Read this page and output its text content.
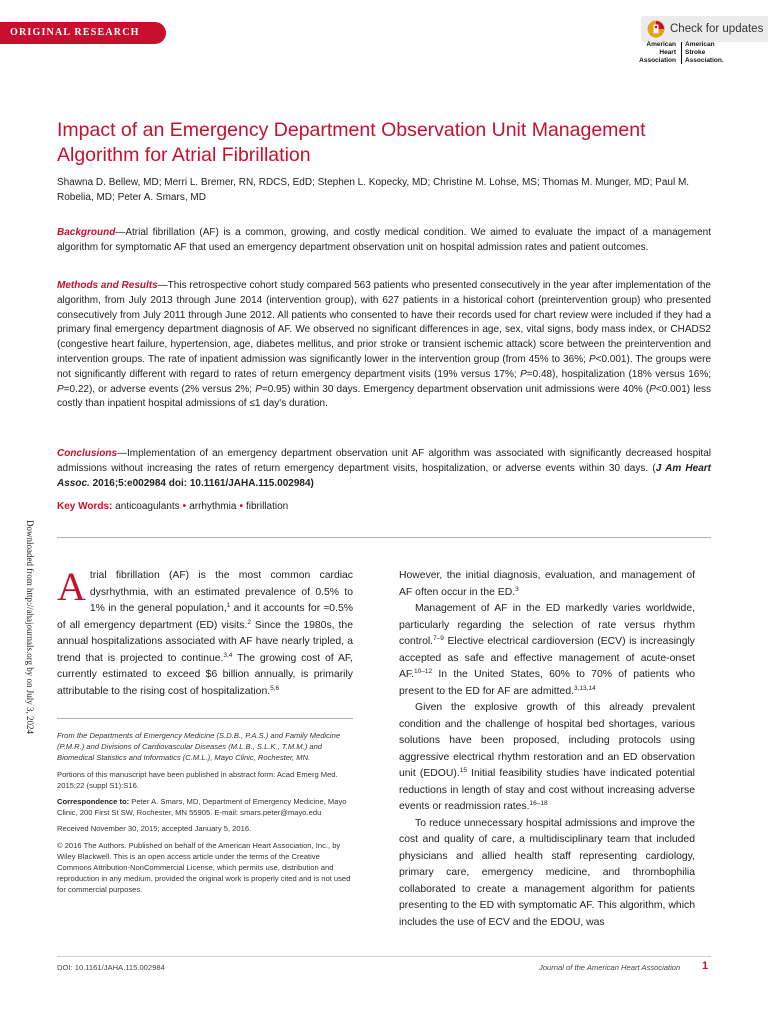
ORIGINAL RESEARCH	Check for updates
American
Heart
Association
American
Stroke
Association.
Impact of an Emergency Department Observation Unit Management
Algorithm for Atrial Fibrillation
Shawna D. Bellew, MD; Merri L. Bremer, RN, RDCS, EdD; Stephen L. Kopecky, MD; Christine M. Lohse, MS; Thomas M. Munger, MD; Paul M. Robelia, MD; Peter A. Smars, MD

Background—Atrial fibrillation (AF) is a common, growing, and costly medical condition. We aimed to evaluate the impact of a management algorithm for symptomatic AF that used an emergency department observation unit on hospital admission rates and patient outcomes.

Methods and Results—This retrospective cohort study compared 563 patients who presented consecutively in the year after implementation of the algorithm, from July 2013 through June 2014 (intervention group), with 627 patients in a historical cohort (preintervention group) who presented consecutively from July 2011 through June 2012. All patients who consented to have their records used for chart review were included if they had a primary final emergency department diagnosis of AF. We observed no significant differences in age, sex, vital signs, body mass index, or CHADS2 (congestive heart failure, hypertension, age, diabetes mellitus, and prior stroke or transient ischemic attack) score between the preintervention and intervention groups. The rate of inpatient admission was significantly lower in the intervention group (from 45% to 36%; P<0.001). The groups were not significantly different with regard to rates of return emergency department visits (19% versus 17%; P=0.48), hospitalization (18% versus 16%; P=0.22), or adverse events (2% versus 2%; P=0.95) within 30 days. Emergency department observation unit admissions were 40% (P<0.001) less costly than inpatient hospital admissions of ≤1 day's duration.

Conclusions—Implementation of an emergency department observation unit AF algorithm was associated with significantly decreased hospital admissions without increasing the rates of return emergency department visits, hospitalization, or adverse events within 30 days. (J Am Heart Assoc. 2016;5:e002984 doi: 10.1161/JAHA.115.002984)

Key Words: anticoagulants • arrhythmia • fibrillation
Downloaded from http://ahajournals.org by on July 3, 2024 Atrial fibrillation (AF) is the most common cardiac dysrhythmia, with an estimated prevalence of 0.5% to 1% in the general population,$^1$ and it accounts for ≈0.5% of all emergency department (ED) visits.$^2$ Since the 1980s, the annual hospitalizations associated with AF have nearly tripled, a trend that is projected to continue.$^{3,4}$ The growing cost of AF, currently estimated to exceed $6 billion annually, is primarily attributable to the rising cost of hospitalization.$^{5,6}$

From the Departments of Emergency Medicine (S.D.B., P.A.S.) and Family Medicine (P.M.R.) and Divisions of Cardiovascular Diseases (M.L.B., S.L.K., T.M.M.) and Biomedical Statistics and Informatics (C.M.L.), Mayo Clinic, Rochester, MN.

Portions of this manuscript have been published in abstract form: Acad Emerg Med. 2015;22 (suppl S1):S16.

Correspondence to: Peter A. Smars, MD, Department of Emergency Medicine, Mayo Clinic, 200 First St SW, Rochester, MN 55905. E-mail: smars.peter@mayo.edu

Received November 30, 2015; accepted January 5, 2016.

© 2016 The Authors. Published on behalf of the American Heart Association, Inc., by Wiley Blackwell. This is an open access article under the terms of the Creative Commons Attribution-NonCommercial License, which permits use, distribution and reproduction in any medium, provided the original work is properly cited and is not used for commercial purposes.

However, the initial diagnosis, evaluation, and management of AF often occur in the ED.$^3$

Management of AF in the ED markedly varies worldwide, particularly regarding the selection of rate versus rhythm control.$^{7-9}$ Elective electrical cardioversion (ECV) is increasingly accepted as safe and effective management of acute-onset AF.$^{10-12}$ In the United States, 60% to 70% of patients who present to the ED for AF are admitted.$^{3,13,14}$

Given the explosive growth of this already prevalent condition and the challenge of hospital bed shortages, various solutions have been proposed, including protocols using aggressive electrical rhythm restoration and an ED observation unit (EDOU).$^{15}$ Initial feasibility studies have indicated potential reductions in length of stay and cost without increasing adverse events or readmission rates.$^{16-18}$

To reduce unnecessary hospital admissions and improve the cost and quality of care, a multidisciplinary team that included physicians and allied health staff representing cardiology, primary care, emergency medicine, and thrombophilia collaborated to create a management algorithm for patients presenting to the ED with symptomatic AF. This algorithm, which includes the use of ECV and the EDOU, was

DOI: 10.1161/JAHA.115.002984	Journal of the American Heart Association 1
